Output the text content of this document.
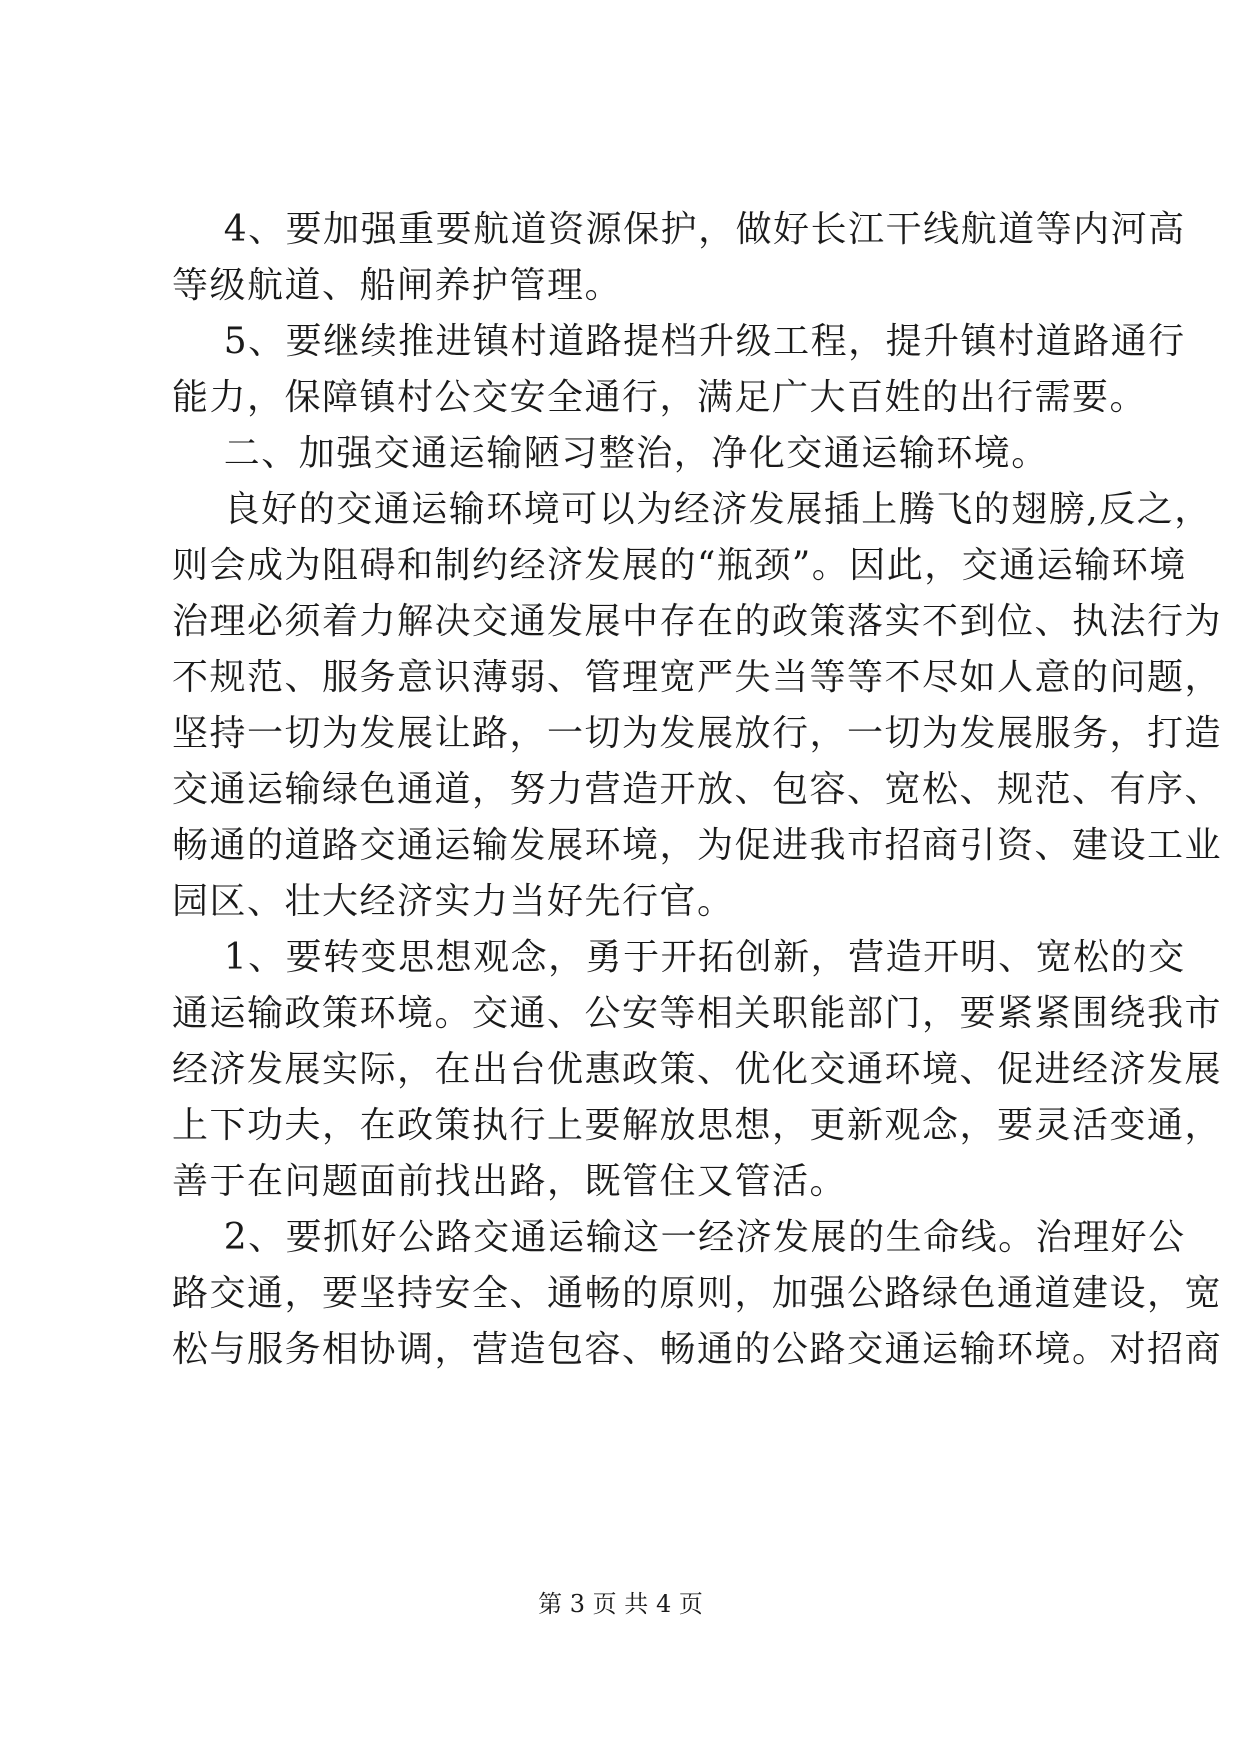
4、要加强重要航道资源保护，做好长江干线航道等内河高
等级航道、船闸养护管理。
5、要继续推进镇村道路提档升级工程，提升镇村道路通行
能力，保障镇村公交安全通行，满足广大百姓的出行需要。
二、加强交通运输陋习整治，净化交通运输环境。
良好的交通运输环境可以为经济发展插上腾飞的翅膀,反之，
则会成为阻碍和制约经济发展的“瓶颈”。因此，交通运输环境
治理必须着力解决交通发展中存在的政策落实不到位、执法行为
不规范、服务意识薄弱、管理宽严失当等等不尽如人意的问题，
坚持一切为发展让路，一切为发展放行，一切为发展服务，打造
交通运输绿色通道，努力营造开放、包容、宽松、规范、有序、
畅通的道路交通运输发展环境，为促进我市招商引资、建设工业
园区、壮大经济实力当好先行官。
1、要转变思想观念，勇于开拓创新，营造开明、宽松的交
通运输政策环境。交通、公安等相关职能部门，要紧紧围绕我市
经济发展实际，在出台优惠政策、优化交通环境、促进经济发展
上下功夫，在政策执行上要解放思想，更新观念，要灵活变通，
善于在问题面前找出路，既管住又管活。
2、要抓好公路交通运输这一经济发展的生命线。治理好公
路交通，要坚持安全、通畅的原则，加强公路绿色通道建设，宽
松与服务相协调，营造包容、畅通的公路交通运输环境。对招商
第 3 页 共 4 页
